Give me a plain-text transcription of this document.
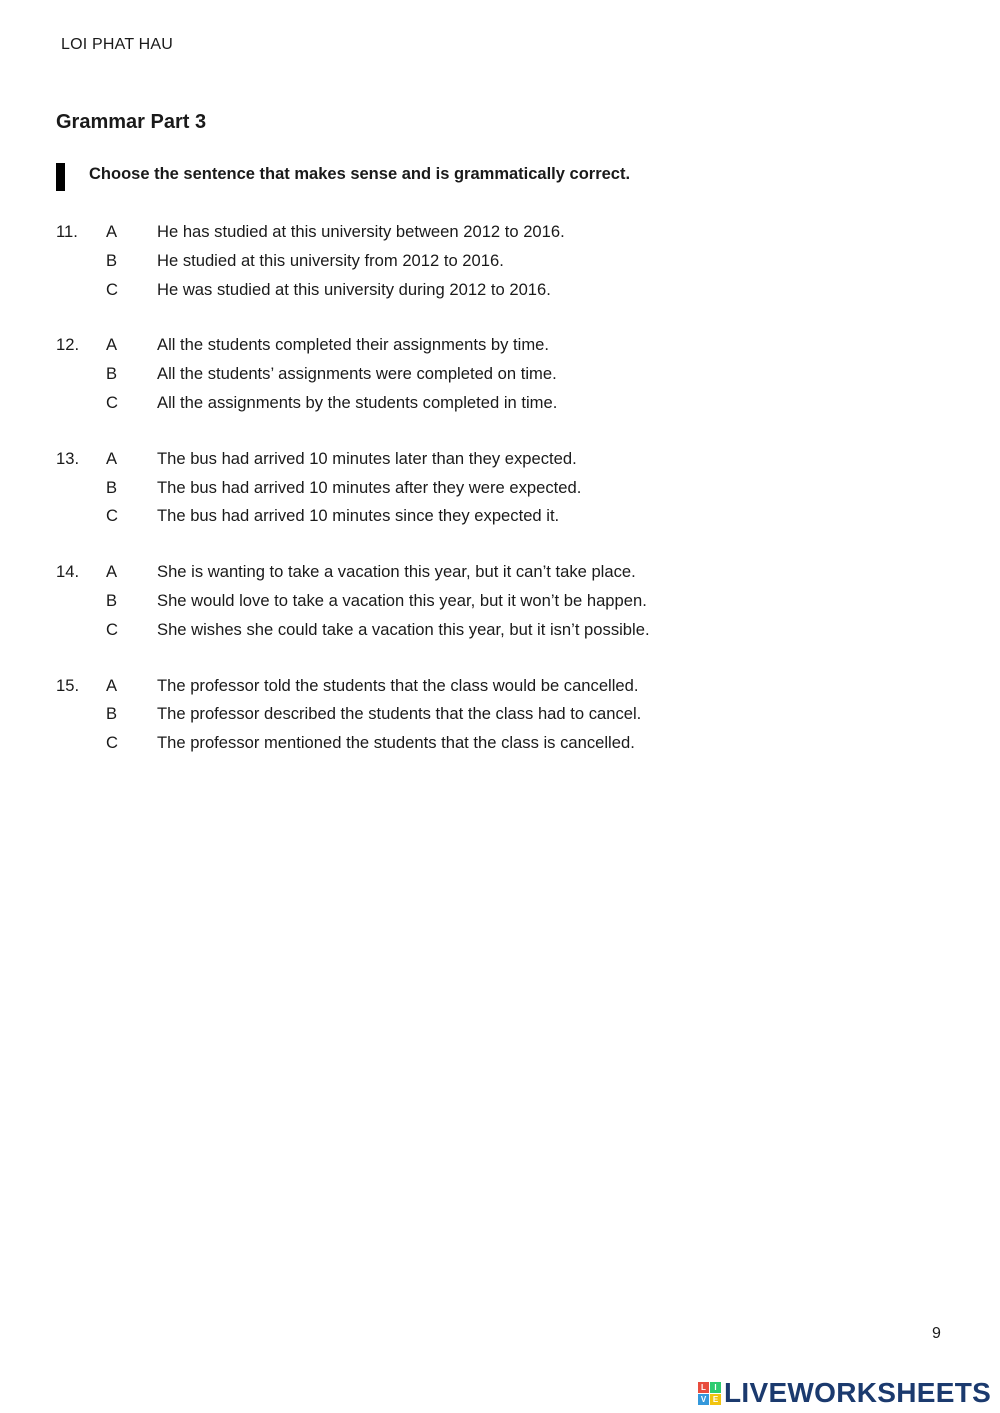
LOI PHAT HAU
Grammar Part 3
Choose the sentence that makes sense and is grammatically correct.
11. A He has studied at this university between 2012 to 2016.
B He studied at this university from 2012 to 2016.
C He was studied at this university during 2012 to 2016.
12. A All the students completed their assignments by time.
B All the students’ assignments were completed on time.
C All the assignments by the students completed in time.
13. A The bus had arrived 10 minutes later than they expected.
B The bus had arrived 10 minutes after they were expected.
C The bus had arrived 10 minutes since they expected it.
14. A She is wanting to take a vacation this year, but it can’t take place.
B She would love to take a vacation this year, but it won’t be happen.
C She wishes she could take a vacation this year, but it isn’t possible.
15. A The professor told the students that the class would be cancelled.
B The professor described the students that the class had to cancel.
C The professor mentioned the students that the class is cancelled.
9
L	I
V E LIVEWORKSHEETS
